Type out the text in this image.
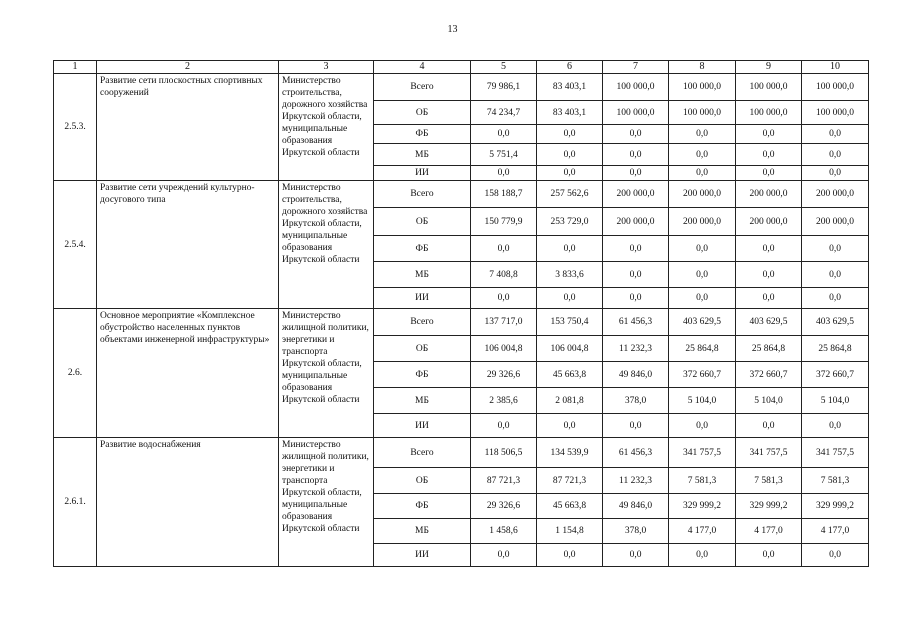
13
1	2	3	4	5	6	7	8	9	10
2.5.3.	Развитие сети плоскостных спортивных сооружений	Министерство строительства, дорожного хозяйства Иркутской области, муниципальные образования Иркутской области	Всего	79 986,1	83 403,1	100 000,0	100 000,0	100 000,0	100 000,0
			ОБ	74 234,7	83 403,1	100 000,0	100 000,0	100 000,0	100 000,0
			ФБ	0,0	0,0	0,0	0,0	0,0	0,0
			МБ	5 751,4	0,0	0,0	0,0	0,0	0,0
			ИИ	0,0	0,0	0,0	0,0	0,0	0,0
2.5.4.	Развитие сети учреждений культурно-досугового типа	Министерство строительства, дорожного хозяйства Иркутской области, муниципальные образования Иркутской области	Всего	158 188,7	257 562,6	200 000,0	200 000,0	200 000,0	200 000,0
			ОБ	150 779,9	253 729,0	200 000,0	200 000,0	200 000,0	200 000,0
			ФБ	0,0	0,0	0,0	0,0	0,0	0,0
			МБ	7 408,8	3 833,6	0,0	0,0	0,0	0,0
			ИИ	0,0	0,0	0,0	0,0	0,0	0,0
2.6.	Основное мероприятие «Комплексное обустройство населенных пунктов объектами инженерной инфраструктуры»	Министерство жилищной политики, энергетики и транспорта Иркутской области, муниципальные образования Иркутской области	Всего	137 717,0	153 750,4	61 456,3	403 629,5	403 629,5	403 629,5
			ОБ	106 004,8	106 004,8	11 232,3	25 864,8	25 864,8	25 864,8
			ФБ	29 326,6	45 663,8	49 846,0	372 660,7	372 660,7	372 660,7
			МБ	2 385,6	2 081,8	378,0	5 104,0	5 104,0	5 104,0
			ИИ	0,0	0,0	0,0	0,0	0,0	0,0
2.6.1.	Развитие водоснабжения	Министерство жилищной политики, энергетики и транспорта Иркутской области, муниципальные образования Иркутской области	Всего	118 506,5	134 539,9	61 456,3	341 757,5	341 757,5	341 757,5
			ОБ	87 721,3	87 721,3	11 232,3	7 581,3	7 581,3	7 581,3
			ФБ	29 326,6	45 663,8	49 846,0	329 999,2	329 999,2	329 999,2
			МБ	1 458,6	1 154,8	378,0	4 177,0	4 177,0	4 177,0
			ИИ	0,0	0,0	0,0	0,0	0,0	0,0
